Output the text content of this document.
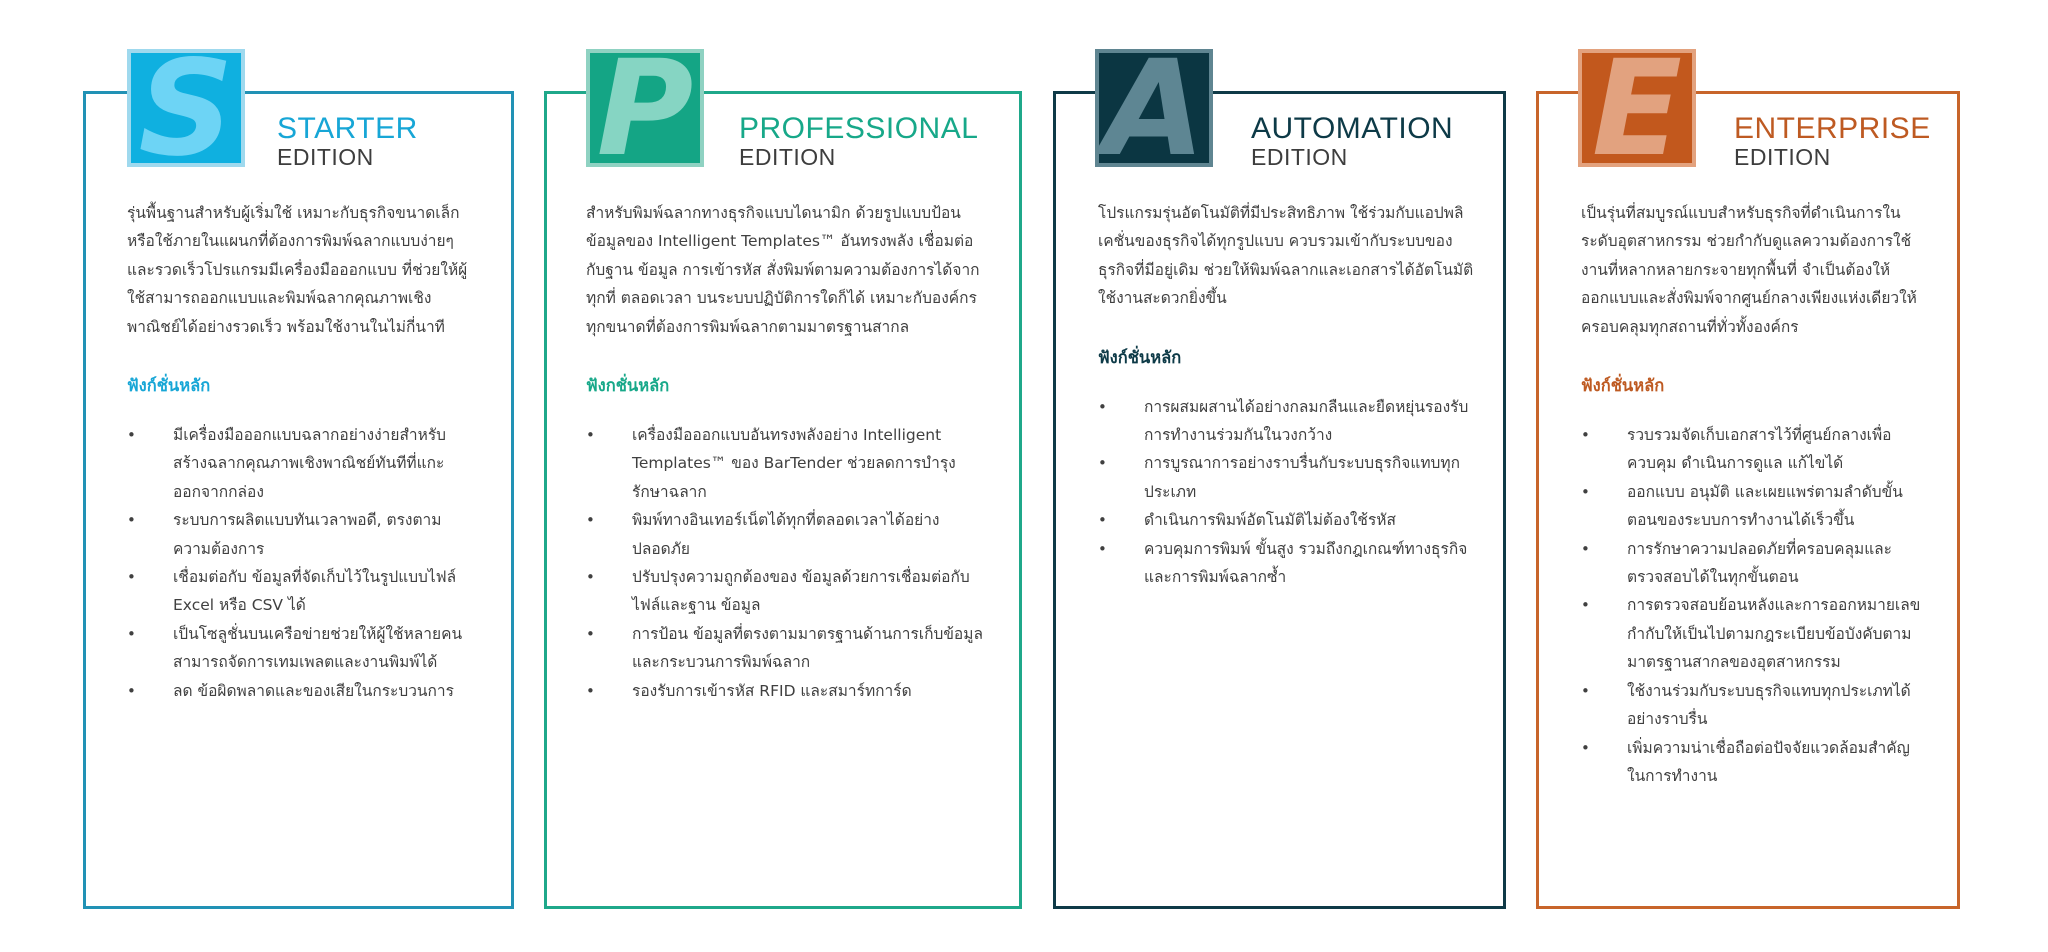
S STARTER
EDITION

รุ่นพื้นฐานสำหรับผู้เริ่มใช้ เหมาะกับธุรกิจขนาดเล็กหรือใช้ภายในแผนกที่ต้องการพิมพ์ฉลากแบบง่ายๆและรวดเร็วโปรแกรมมีเครื่องมือออกแบบ ที่ช่วยให้ผู้ใช้สามารถออกแบบและพิมพ์ฉลากคุณภาพเชิงพาณิชย์ได้อย่างรวดเร็ว พร้อมใช้งานในไม่กี่นาที

ฟังก์ชั่นหลัก

• มีเครื่องมือออกแบบฉลากอย่างง่ายสำหรับสร้างฉลากคุณภาพเชิงพาณิชย์ทันทีที่แกะออกจากกล่อง
• ระบบการผลิตแบบทันเวลาพอดี, ตรงตามความต้องการ
• เชื่อมต่อกับ ข้อมูลที่จัดเก็บไว้ในรูปแบบไฟล์ Excel หรือ CSV ได้
• เป็นโซลูชั่นบนเครือข่ายช่วยให้ผู้ใช้หลายคนสามารถจัดการเทมเพลตและงานพิมพ์ได้
• ลด ข้อผิดพลาดและของเสียในกระบวนการ
P PROFESSIONAL
EDITION

สำหรับพิมพ์ฉลากทางธุรกิจแบบไดนามิก ด้วยรูปแบบป้อน ข้อมูลของ Intelligent Templates™ อันทรงพลัง เชื่อมต่อกับฐาน ข้อมูล การเข้ารหัส สั่งพิมพ์ตามความต้องการได้จากทุกที่ ตลอดเวลา บนระบบปฏิบัติการใดก็ได้ เหมาะกับองค์กรทุกขนาดที่ต้องการพิมพ์ฉลากตามมาตรฐานสากล

ฟังกชั่นหลัก

• เครื่องมือออกแบบอันทรงพลังอย่าง Intelligent Templates™ ของ BarTender ช่วยลดการบำรุงรักษาฉลาก
• พิมพ์ทางอินเทอร์เน็ตได้ทุกที่ตลอดเวลาได้อย่างปลอดภัย
• ปรับปรุงความถูกต้องของ ข้อมูลด้วยการเชื่อมต่อกับไฟล์และฐาน ข้อมูล
• การป้อน ข้อมูลที่ตรงตามมาตรฐานด้านการเก็บข้อมูลและกระบวนการพิมพ์ฉลาก
• รองรับการเข้ารหัส RFID และสมาร์ทการ์ด
A AUTOMATION
EDITION

โปรแกรมรุ่นอัตโนมัติที่มีประสิทธิภาพ ใช้ร่วมกับแอปพลิเคชั่นของธุรกิจได้ทุกรูปแบบ ควบรวมเข้ากับระบบของธุรกิจที่มีอยู่เดิม ช่วยให้พิมพ์ฉลากและเอกสารได้อัตโนมัติใช้งานสะดวกยิ่งขึ้น

ฟังก์ชั่นหลัก

• การผสมผสานได้อย่างกลมกลืนและยืดหยุ่นรองรับการทำงานร่วมกันในวงกว้าง
• การบูรณาการอย่างราบรื่นกับระบบธุรกิจแทบทุกประเภท
• ดำเนินการพิมพ์อัตโนมัติไม่ต้องใช้รหัส
• ควบคุมการพิมพ์ ขั้นสูง รวมถึงกฎเกณฑ์ทางธุรกิจและการพิมพ์ฉลากซ้ำ
E ENTERPRISE
EDITION

เป็นรุ่นที่สมบูรณ์แบบสำหรับธุรกิจที่ดำเนินการในระดับอุตสาหกรรม ช่วยกำกับดูแลความต้องการใช้งานที่หลากหลายกระจายทุกพื้นที่ จำเป็นต้องให้ออกแบบและสั่งพิมพ์จากศูนย์กลางเพียงแห่งเดียวให้ครอบคลุมทุกสถานที่ทั่วทั้งองค์กร

ฟังก์ชั่นหลัก

• รวบรวมจัดเก็บเอกสารไว้ที่ศูนย์กลางเพื่อควบคุม ดำเนินการดูแล แก้ไขได้
• ออกแบบ อนุมัติ และเผยแพร่ตามลำดับขั้นตอนของระบบการทำงานได้เร็วขึ้น
• การรักษาความปลอดภัยที่ครอบคลุมและตรวจสอบได้ในทุกขั้นตอน
• การตรวจสอบย้อนหลังและการออกหมายเลขกำกับให้เป็นไปตามกฎระเบียบข้อบังคับตามมาตรฐานสากลของอุตสาหกรรม
• ใช้งานร่วมกับระบบธุรกิจแทบทุกประเภทได้อย่างราบรื่น
• เพิ่มความน่าเชื่อถือต่อปัจจัยแวดล้อมสำคัญในการทำงาน
